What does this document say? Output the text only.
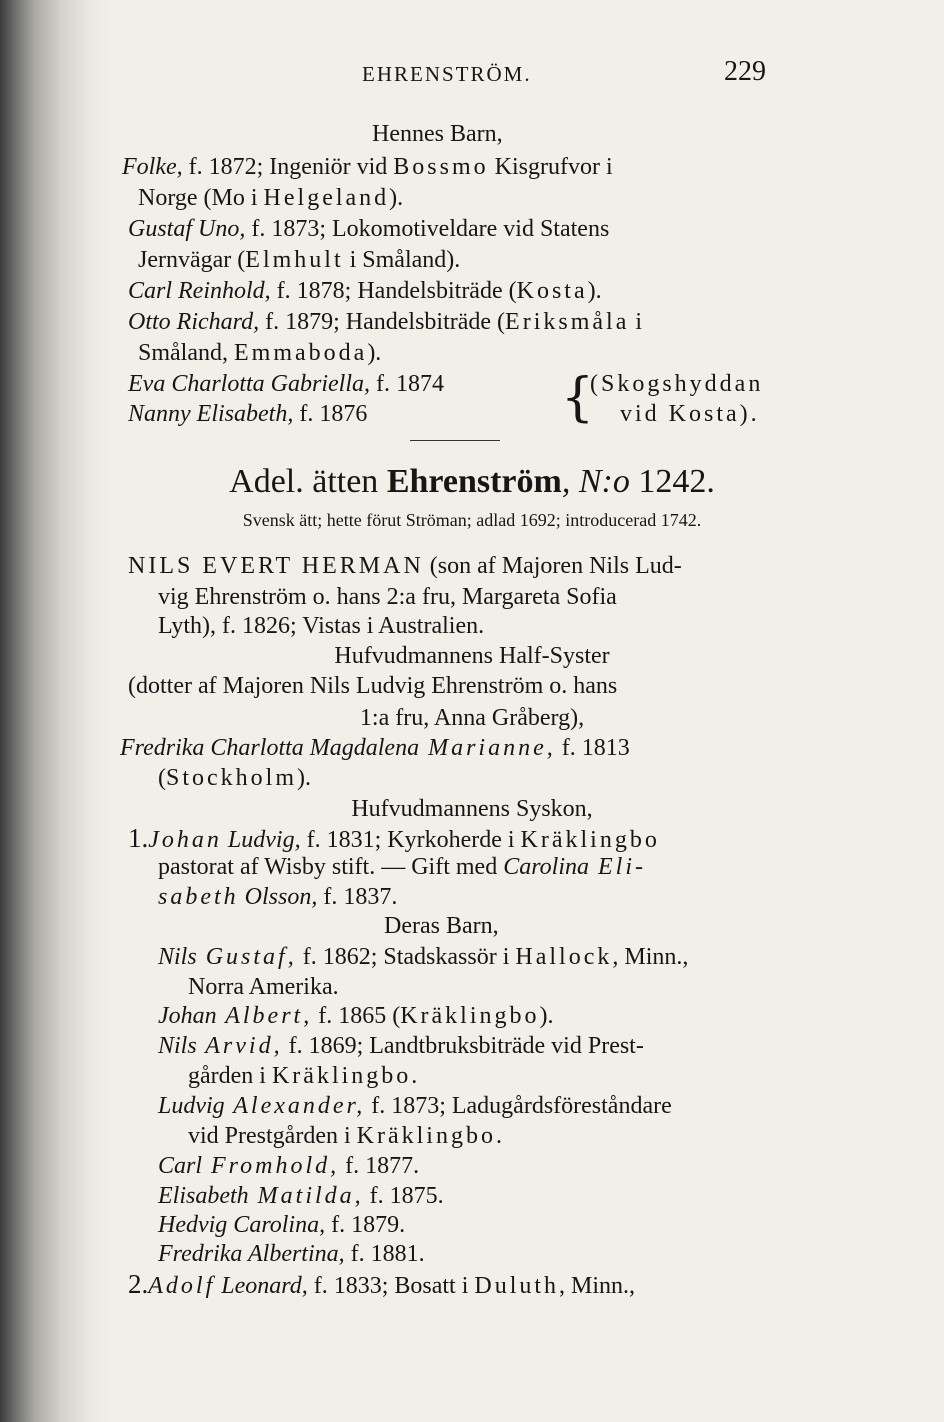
EHRENSTRÖM.	229
Hennes Barn,
Folke, f. 1872; Ingeniör vid Bossmo Kisgrufvor i
Norge (Mo i Helgeland).
Gustaf Uno, f. 1873; Lokomotiveldare vid Statens
Jernvägar (Elmhult i Småland).
Carl Reinhold, f. 1878; Handelsbiträde (Kosta).
Otto Richard, f. 1879; Handelsbiträde (Eriksmåla i
Småland, Emmaboda).
Eva Charlotta Gabriella, f. 1874
Nanny Elisabeth, f. 1876	{
(Skogshyddan
vid Kosta).
Adel. ätten Ehrenström, N:o 1242.
Svensk ätt; hette förut Ströman; adlad 1692; introducerad 1742.
NILS EVERT HERMAN (son af Majoren Nils Lud-
vig Ehrenström o. hans 2:a fru, Margareta Sofia
Lyth), f. 1826; Vistas i Australien.
Hufvudmannens Half-Syster
(dotter af Majoren Nils Ludvig Ehrenström o. hans
1:a fru, Anna Gråberg),
Fredrika Charlotta Magdalena Marianne, f. 1813
(Stockholm).
Hufvudmannens Syskon,
1.Johan Ludvig, f. 1831; Kyrkoherde i Kräklingbo
pastorat af Wisby stift. — Gift med Carolina Eli-
sabeth Olsson, f. 1837.
Deras Barn,
Nils Gustaf, f. 1862; Stadskassör i Hallock, Minn.,
Norra Amerika.
Johan Albert, f. 1865 (Kräklingbo).
Nils Arvid, f. 1869; Landtbruksbiträde vid Prest-
gården i Kräklingbo.
Ludvig Alexander, f. 1873; Ladugårdsföreståndare
vid Prestgården i Kräklingbo.
Carl Fromhold, f. 1877.
Elisabeth Matilda, f. 1875.
Hedvig Carolina, f. 1879.
Fredrika Albertina, f. 1881.
2.Adolf Leonard, f. 1833; Bosatt i Duluth, Minn.,
